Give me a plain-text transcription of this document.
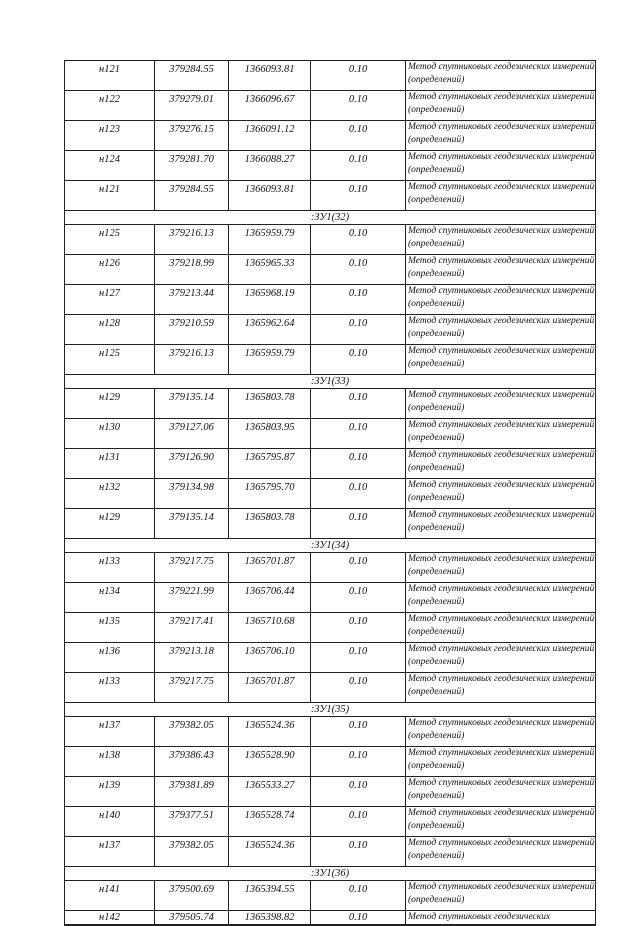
н121	379284.55	1366093.81	0.10	Метод спутниковых геодезических измерений (определений)
н122	379279.01	1366096.67	0.10	Метод спутниковых геодезических измерений (определений)
н123	379276.15	1366091.12	0.10	Метод спутниковых геодезических измерений (определений)
н124	379281.70	1366088.27	0.10	Метод спутниковых геодезических измерений (определений)
н121	379284.55	1366093.81	0.10	Метод спутниковых геодезических измерений (определений)
:ЗУ1(32)				
н125	379216.13	1365959.79	0.10	Метод спутниковых геодезических измерений (определений)
н126	379218.99	1365965.33	0.10	Метод спутниковых геодезических измерений (определений)
н127	379213.44	1365968.19	0.10	Метод спутниковых геодезических измерений (определений)
н128	379210.59	1365962.64	0.10	Метод спутниковых геодезических измерений (определений)
н125	379216.13	1365959.79	0.10	Метод спутниковых геодезических измерений (определений)
:ЗУ1(33)				
н129	379135.14	1365803.78	0.10	Метод спутниковых геодезических измерений (определений)
н130	379127.06	1365803.95	0.10	Метод спутниковых геодезических измерений (определений)
н131	379126.90	1365795.87	0.10	Метод спутниковых геодезических измерений (определений)
н132	379134.98	1365795.70	0.10	Метод спутниковых геодезических измерений (определений)
н129	379135.14	1365803.78	0.10	Метод спутниковых геодезических измерений (определений)
:ЗУ1(34)				
н133	379217.75	1365701.87	0.10	Метод спутниковых геодезических измерений (определений)
н134	379221.99	1365706.44	0.10	Метод спутниковых геодезических измерений (определений)
н135	379217.41	1365710.68	0.10	Метод спутниковых геодезических измерений (определений)
н136	379213.18	1365706.10	0.10	Метод спутниковых геодезических измерений (определений)
н133	379217.75	1365701.87	0.10	Метод спутниковых геодезических измерений (определений)
:ЗУ1(35)				
н137	379382.05	1365524.36	0.10	Метод спутниковых геодезических измерений (определений)
н138	379386.43	1365528.90	0.10	Метод спутниковых геодезических измерений (определений)
н139	379381.89	1365533.27	0.10	Метод спутниковых геодезических измерений (определений)
н140	379377.51	1365528.74	0.10	Метод спутниковых геодезических измерений (определений)
н137	379382.05	1365524.36	0.10	Метод спутниковых геодезических измерений (определений)
:ЗУ1(36)				
н141	379500.69	1365394.55	0.10	Метод спутниковых геодезических измерений (определений)
н142	379505.74	1365398.82	0.10	Метод спутниковых геодезических
